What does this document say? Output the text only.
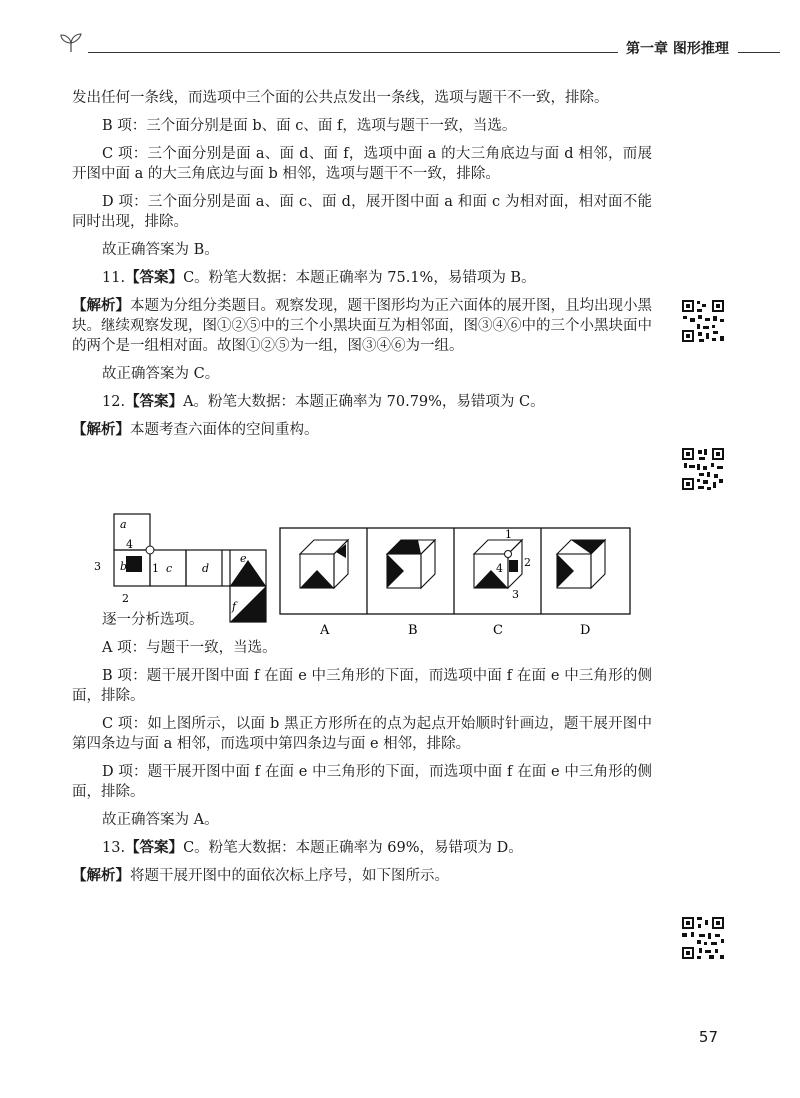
第一章 图形推理

发出任何一条线，而选项中三个面的公共点发出一条线，选项与题干不一致，排除。

B 项：三个面分别是面 b、面 c、面 f，选项与题干一致，当选。

C 项：三个面分别是面 a、面 d、面 f，选项中面 a 的大三角底边与面 d 相邻，而展开图中面 a 的大三角底边与面 b 相邻，选项与题干不一致，排除。

D 项：三个面分别是面 a、面 c、面 d，展开图中面 a 和面 c 为相对面，相对面不能同时出现，排除。

故正确答案为 B。

11.【答案】C。粉笔大数据：本题正确率为 75.1%，易错项为 B。

【解析】本题为分组分类题目。观察发现，题干图形均为正六面体的展开图，且均出现小黑块。继续观察发现，图①②⑤中的三个小黑块面互为相邻面，图③④⑥中的三个小黑块面中的两个是一组相对面。故图①②⑤为一组，图③④⑥为一组。

故正确答案为 C。

12.【答案】A。粉笔大数据：本题正确率为 70.79%，易错项为 C。

【解析】本题考查六面体的空间重构。

逐一分析选项。

A 项：与题干一致，当选。

B 项：题干展开图中面 f 在面 e 中三角形的下面，而选项中面 f 在面 e 中三角形的侧面，排除。

C 项：如上图所示，以面 b 黑正方形所在的点为起点开始顺时针画边，题干展开图中第四条边与面 a 相邻，而选项中第四条边与面 e 相邻，排除。

D 项：题干展开图中面 f 在面 e 中三角形的下面，而选项中面 f 在面 e 中三角形的侧面，排除。

故正确答案为 A。

13.【答案】C。粉笔大数据：本题正确率为 69%，易错项为 D。

【解析】将题干展开图中的面依次标上序号，如下图所示。

a
b	c	d
e
f
4
3	1
2
1
2
3
4
A	B	C	D
57
